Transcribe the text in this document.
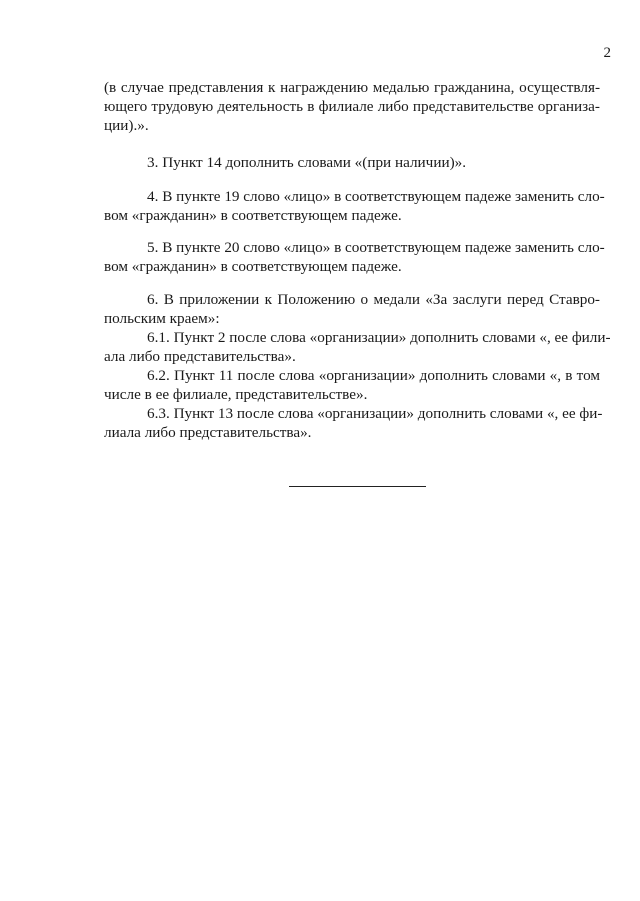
2
(в случае представления к награждению медалью гражданина, осуществля-
ющего трудовую деятельность в филиале либо представительстве организа-
ции).».
3. Пункт 14 дополнить словами «(при наличии)».
4. В пункте 19 слово «лицо» в соответствующем падеже заменить сло-
вом «гражданин» в соответствующем падеже.
5. В пункте 20 слово «лицо» в соответствующем падеже заменить сло-
вом «гражданин» в соответствующем падеже.
6. В приложении к Положению о медали «За заслуги перед Ставро-
польским краем»:
6.1. Пункт 2 после слова «организации» дополнить словами «, ее фили-
ала либо представительства».
6.2. Пункт 11 после слова «организации» дополнить словами «, в том
числе в ее филиале, представительстве».
6.3. Пункт 13 после слова «организации» дополнить словами «, ее фи-
лиала либо представительства».
